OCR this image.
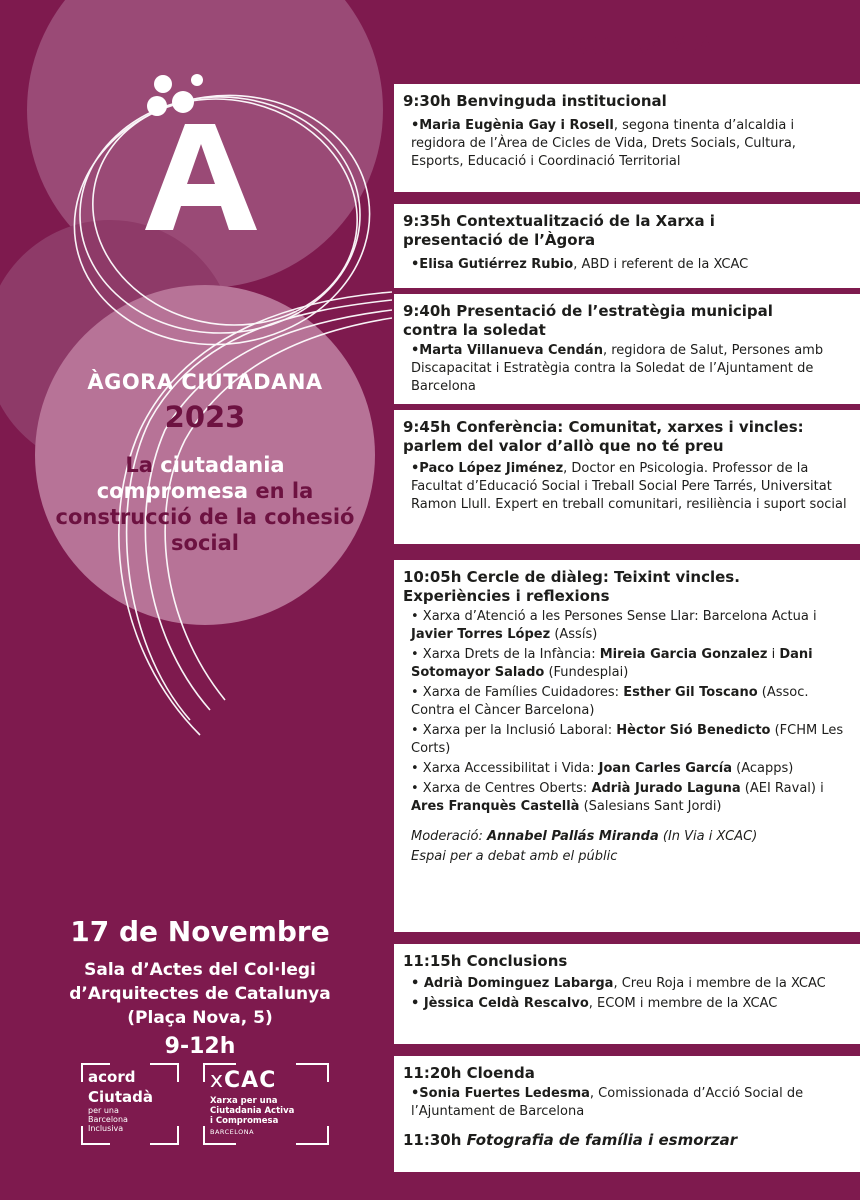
ÀGORA CIUTADANA
2023
La ciutadania compromesa en la construcció de la cohesió social
17 de Novembre
Sala d’Actes del Col·legi
d’Arquitectes de Catalunya
(Plaça Nova, 5)
9-12h
acord
Ciutadà
per una
Barcelona
Inclusiva
xCAC
Xarxa per una
Ciutadania Activa
i Compromesa
BARCELONA
PROGRAMA

9:30h Benvinguda institucional

•Maria Eugènia Gay i Rosell, segona tinenta d’alcaldia i regidora de l’Àrea de Cicles de Vida, Drets Socials, Cultura, Esports, Educació i Coordinació Territorial

9:35h Contextualització de la Xarxa i

presentació de l’Àgora

•Elisa Gutiérrez Rubio, ABD i referent de la XCAC

9:40h Presentació de l’estratègia municipal

contra la soledat

•Marta Villanueva Cendán, regidora de Salut, Persones amb Discapacitat i Estratègia contra la Soledat de l’Ajuntament de Barcelona

9:45h Conferència: Comunitat, xarxes i vincles:

parlem del valor d’allò que no té preu

•Paco López Jiménez, Doctor en Psicologia. Professor de la Facultat d’Educació Social i Treball Social Pere Tarrés, Universitat Ramon Llull. Expert en treball comunitari, resiliència i suport social

10:05h Cercle de diàleg: Teixint vincles.

Experiències i reflexions

• Xarxa d’Atenció a les Persones Sense Llar: Barcelona Actua i Javier Torres López (Assís)

• Xarxa Drets de la Infància: Mireia Garcia Gonzalez i Dani Sotomayor Salado (Fundesplai)

• Xarxa de Famílies Cuidadores: Esther Gil Toscano (Assoc. Contra el Càncer Barcelona)

• Xarxa per la Inclusió Laboral: Hèctor Sió Benedicto (FCHM Les Corts)

• Xarxa Accessibilitat i Vida: Joan Carles García (Acapps)

• Xarxa de Centres Oberts: Adrià Jurado Laguna (AEI Raval) i Ares Franquès Castellà (Salesians Sant Jordi)

Moderació: Annabel Pallás Miranda (In Via i XCAC)

Espai per a debat amb el públic

11:15h Conclusions

• Adrià Dominguez Labarga, Creu Roja i membre de la XCAC

• Jèssica Celdà Rescalvo, ECOM i membre de la XCAC

11:20h Cloenda

•Sonia Fuertes Ledesma, Comissionada d’Acció Social de l’Ajuntament de Barcelona

11:30h Fotografia de família i esmorzar
